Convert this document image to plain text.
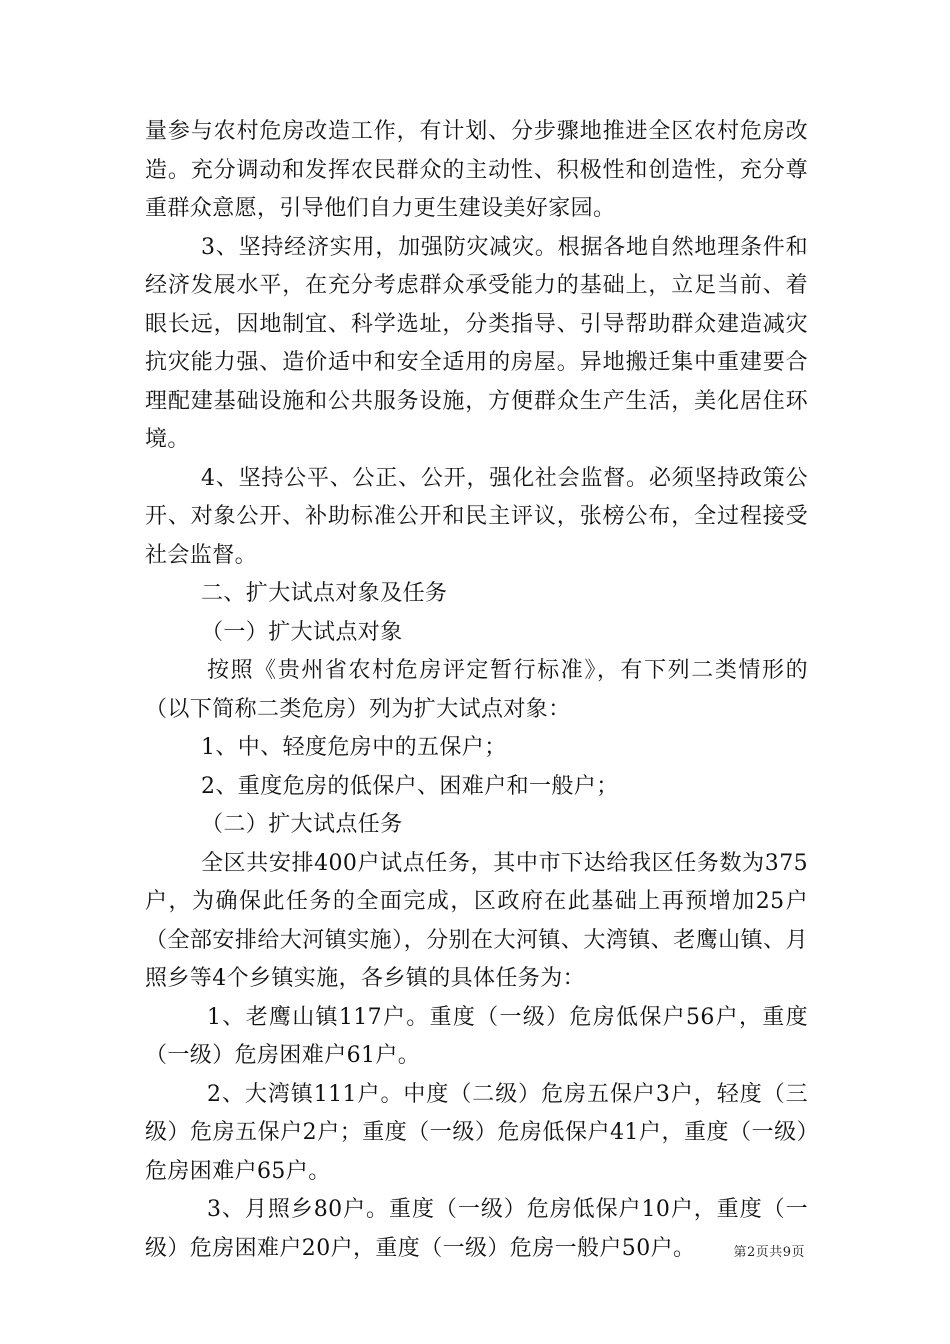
量参与农村危房改造工作，有计划、分步骤地推进全区农村危房改造。充分调动和发挥农民群众的主动性、积极性和创造性，充分尊重群众意愿，引导他们自力更生建设美好家园。

3、坚持经济实用，加强防灾减灾。根据各地自然地理条件和经济发展水平，在充分考虑群众承受能力的基础上，立足当前、着眼长远，因地制宜、科学选址，分类指导、引导帮助群众建造减灾抗灾能力强、造价适中和安全适用的房屋。异地搬迁集中重建要合理配建基础设施和公共服务设施，方便群众生产生活，美化居住环境。

4、坚持公平、公正、公开，强化社会监督。必须坚持政策公开、对象公开、补助标准公开和民主评议，张榜公布，全过程接受社会监督。

二、扩大试点对象及任务

（一）扩大试点对象

按照《贵州省农村危房评定暂行标准》，有下列二类情形的（以下简称二类危房）列为扩大试点对象：

1、中、轻度危房中的五保户；

2、重度危房的低保户、困难户和一般户；

（二）扩大试点任务

全区共安排400户试点任务，其中市下达给我区任务数为375户，为确保此任务的全面完成，区政府在此基础上再预增加25户（全部安排给大河镇实施），分别在大河镇、大湾镇、老鹰山镇、月照乡等4个乡镇实施，各乡镇的具体任务为：

1、老鹰山镇117户。重度（一级）危房低保户56户，重度（一级）危房困难户61户。

2、大湾镇111户。中度（二级）危房五保户3户，轻度（三级）危房五保户2户；重度（一级）危房低保户41户，重度（一级）危房困难户65户。

3、月照乡80户。重度（一级）危房低保户10户，重度（一级）危房困难户20户，重度（一级）危房一般户50户。	第2页共9页
